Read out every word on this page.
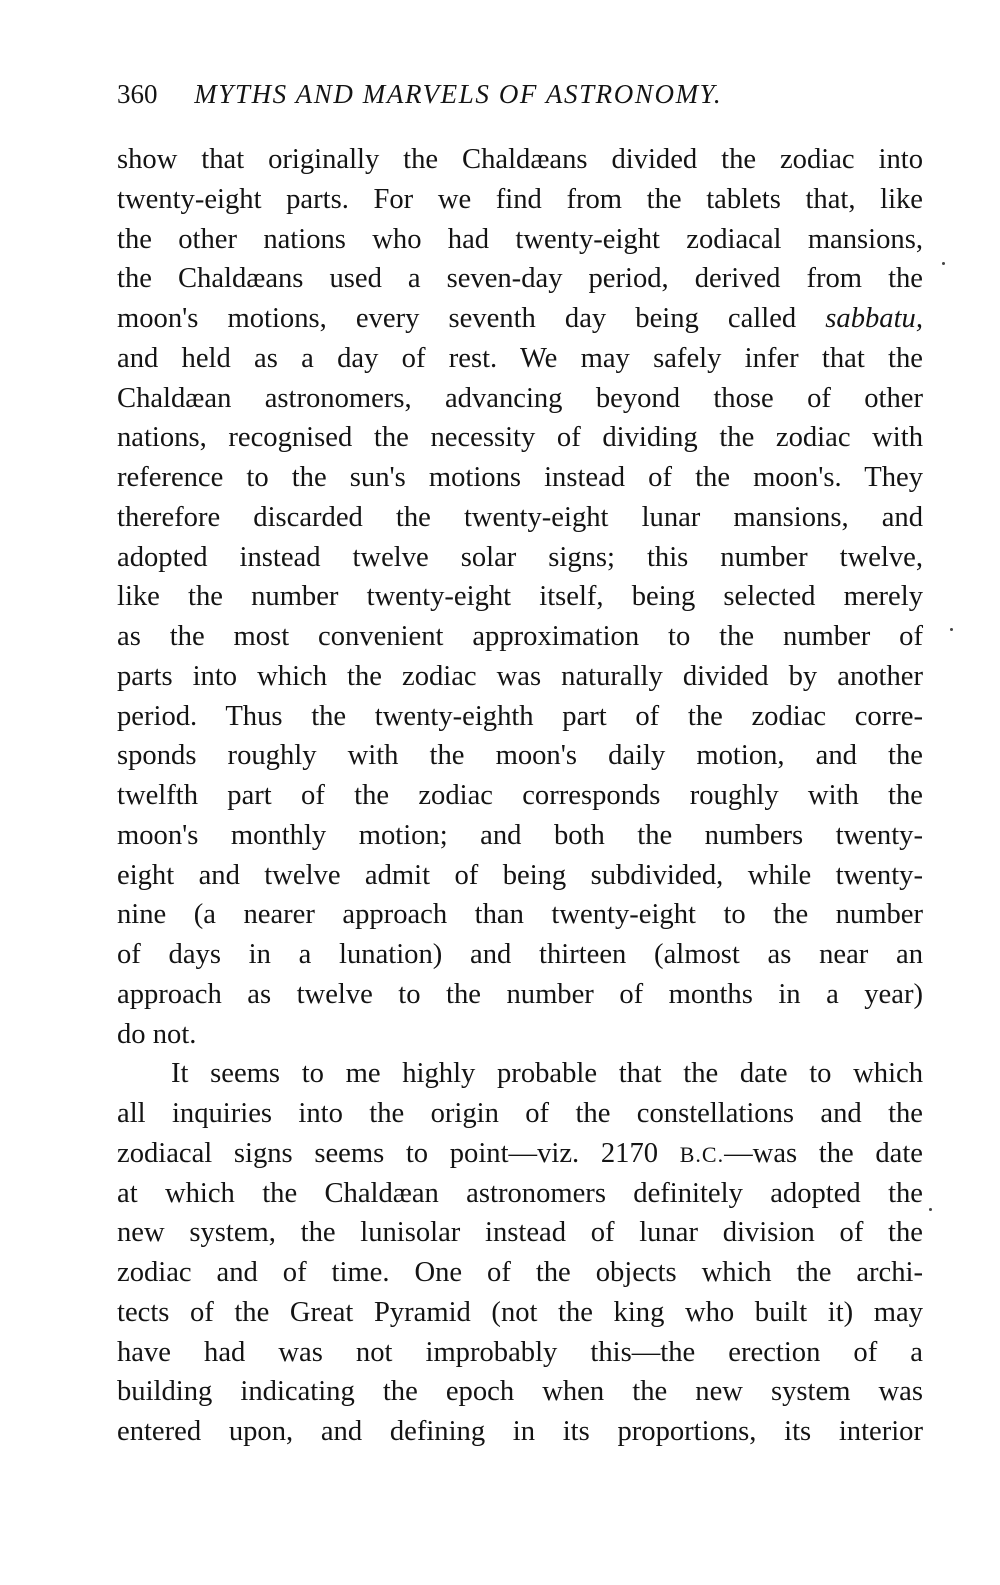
360 MYTHS AND MARVELS OF ASTRONOMY.
show that originally the Chaldæans divided the zodiac into
twenty-eight parts. For we find from the tablets that, like
the other nations who had twenty-eight zodiacal mansions,
the Chaldæans used a seven-day period, derived from the
moon's motions, every seventh day being called sabbatu,
and held as a day of rest. We may safely infer that the
Chaldæan astronomers, advancing beyond those of other
nations, recognised the necessity of dividing the zodiac with
reference to the sun's motions instead of the moon's. They
therefore discarded the twenty-eight lunar mansions, and
adopted instead twelve solar signs; this number twelve,
like the number twenty-eight itself, being selected merely
as the most convenient approximation to the number of
parts into which the zodiac was naturally divided by another
period. Thus the twenty-eighth part of the zodiac corre-
sponds roughly with the moon's daily motion, and the
twelfth part of the zodiac corresponds roughly with the
moon's monthly motion; and both the numbers twenty-
eight and twelve admit of being subdivided, while twenty-
nine (a nearer approach than twenty-eight to the number
of days in a lunation) and thirteen (almost as near an
approach as twelve to the number of months in a year)
do not.
It seems to me highly probable that the date to which
all inquiries into the origin of the constellations and the
zodiacal signs seems to point—viz. 2170 B.C.—was the date
at which the Chaldæan astronomers definitely adopted the
new system, the lunisolar instead of lunar division of the
zodiac and of time. One of the objects which the archi-
tects of the Great Pyramid (not the king who built it) may
have had was not improbably this—the erection of a
building indicating the epoch when the new system was
entered upon, and defining in its proportions, its interior
